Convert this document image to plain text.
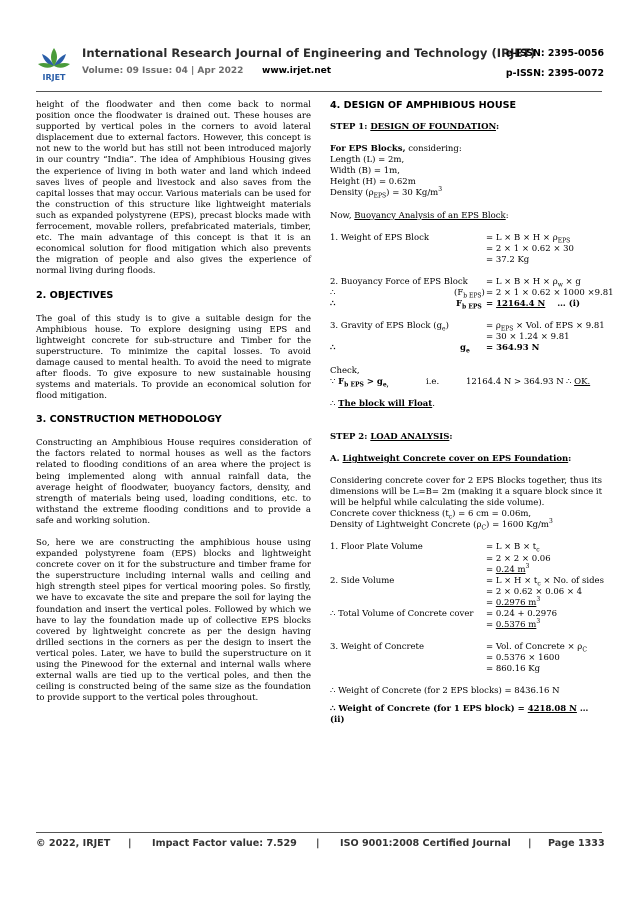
IRJET
International Research Journal of Engineering and Technology (IRJET)
e-ISSN: 2395-0056
Volume: 09 Issue: 04 | Apr 2022 www.irjet.net	p-ISSN: 2395-0072

height of the floodwater and then come back to normal position once the floodwater is drained out. These houses are supported by vertical poles in the corners to avoid lateral displacement due to external factors. However, this concept is not new to the world but has still not been introduced majorly in our country “India”. The idea of Amphibious Housing gives the experience of living in both water and land which indeed saves lives of people and livestock and also saves from the capital losses that may occur. Various materials can be used for the construction of this structure like lightweight materials such as expanded polystyrene (EPS), precast blocks made with ferrocement, movable rollers, prefabricated materials, timber, etc. The main advantage of this concept is that it is an economical solution for flood mitigation which also prevents the migration of people and also gives the experience of normal living during floods.

2. OBJECTIVES

The goal of this study is to give a suitable design for the Amphibious house. To explore designing using EPS and lightweight concrete for sub-structure and Timber for the superstructure. To minimize the capital losses. To avoid damage caused to mental health. To avoid the need to migrate after floods. To give exposure to new sustainable housing systems and materials. To provide an economical solution for flood mitigation.

3. CONSTRUCTION METHODOLOGY

Constructing an Amphibious House requires consideration of the factors related to normal houses as well as the factors related to flooding conditions of an area where the project is being implemented along with annual rainfall data, the average height of floodwater, buoyancy factors, density, and strength of materials being used, loading conditions, etc. to withstand the extreme flooding conditions and to provide a safe and working solution.

So, here we are constructing the amphibious house using expanded polystyrene foam (EPS) blocks and lightweight concrete cover on it for the substructure and timber frame for the superstructure including internal walls and ceiling and high strength steel pipes for vertical mooring poles. So firstly, we have to excavate the site and prepare the soil for laying the foundation and insert the vertical poles. Followed by which we have to lay the foundation made up of collective EPS blocks covered by lightweight concrete as per the design having drilled sections in the corners as per the design to insert the vertical poles. Later, we have to build the superstructure on it using the Pinewood for the external and internal walls where external walls are tied up to the vertical poles, and then the ceiling is constructed being of the same size as the foundation to provide support to the vertical poles throughout.

4. DESIGN OF AMPHIBIOUS HOUSE
STEP 1: DESIGN OF FOUNDATION:
For EPS Blocks, considering:
Length (L) = 2m,
Width (B) = 1m,
Height (H) = 0.62m
Density $(\rho_{EPS}) = 30$ $Kg/m^3$
Now, Buoyancy Analysis of an EPS Block:
1. Weight of EPS Block	= $L \times B \times H \times \rho_{EPS}$
= 2 × 1 × 0.62 × 30
= 37.2 Kg
2. Buoyancy Force of EPS Block = $L \times B \times H \times \rho_w \times g$
∴	$(F_{b EPS}) = 2 \times 1 \times 0.62 \times 1000 \times 9.81$
∴	$F_{b EPS} = 12164.4$ N … (i)
3. Gravity of EPS Block $(g_e)$	= $\rho_{EPS}$ × Vol. of EPS × 9.81
= 30 × 1.24 × 9.81
∴	$g_e = 364.93$ N
Check,
∵ $F_{b EPS} > g_{e,}$	i.e.	12164.4 N > 364.93 N ∴ OK.
∴ The block will Float.
STEP 2: LOAD ANALYSIS:
A. Lightweight Concrete cover on EPS Foundation:

Considering concrete cover for 2 EPS Blocks together, thus its dimensions will be L=B= 2m (making it a square block since it will be helpful while calculating the side volume).

Concrete cover thickness $(t_c) = 6$ cm = 0.06m,
Density of Lightweight Concrete $(\rho_C) = 1600$ $Kg/m^3$
1. Floor Plate Volume	= $L \times B \times t_c$
= 2 × 2 × 0.06
= 0.24 $m^3$
2. Side Volume	= $L \times H \times t_c \times No$. of sides
= 2 × 0.62 × 0.06 × 4
= 0.2976 $m^3$
∴ Total Volume of Concrete cover = 0.24 + 0.2976
= 0.5376 $m^3$
3. Weight of Concrete	= Vol. of Concrete × $\rho_C$
= 0.5376 × 1600
= 860.16 Kg
∴ Weight of Concrete (for 2 EPS blocks) = 8436.16 N
∴ Weight of Concrete (for 1 EPS block) = 4218.08 N … (ii)
© 2022, IRJET | Impact Factor value: 7.529 | ISO 9001:2008 Certified Journal | Page 1333
